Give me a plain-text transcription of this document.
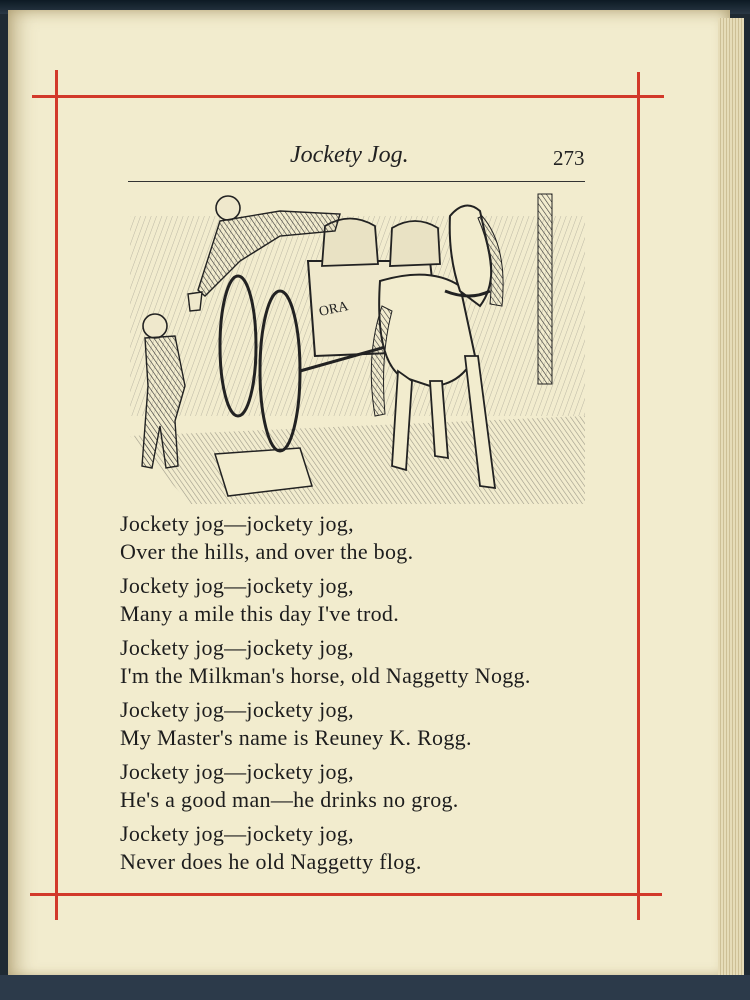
Jockety Jog.	273
ORA
Jockety jog—jockety jog,
Over the hills, and over the bog.
Jockety jog—jockety jog,
Many a mile this day I've trod.
Jockety jog—jockety jog,
I'm the Milkman's horse, old Naggetty Nogg.
Jockety jog—jockety jog,
My Master's name is Reuney K. Rogg.
Jockety jog—jockety jog,
He's a good man—he drinks no grog.
Jockety jog—jockety jog,
Never does he old Naggetty flog.
